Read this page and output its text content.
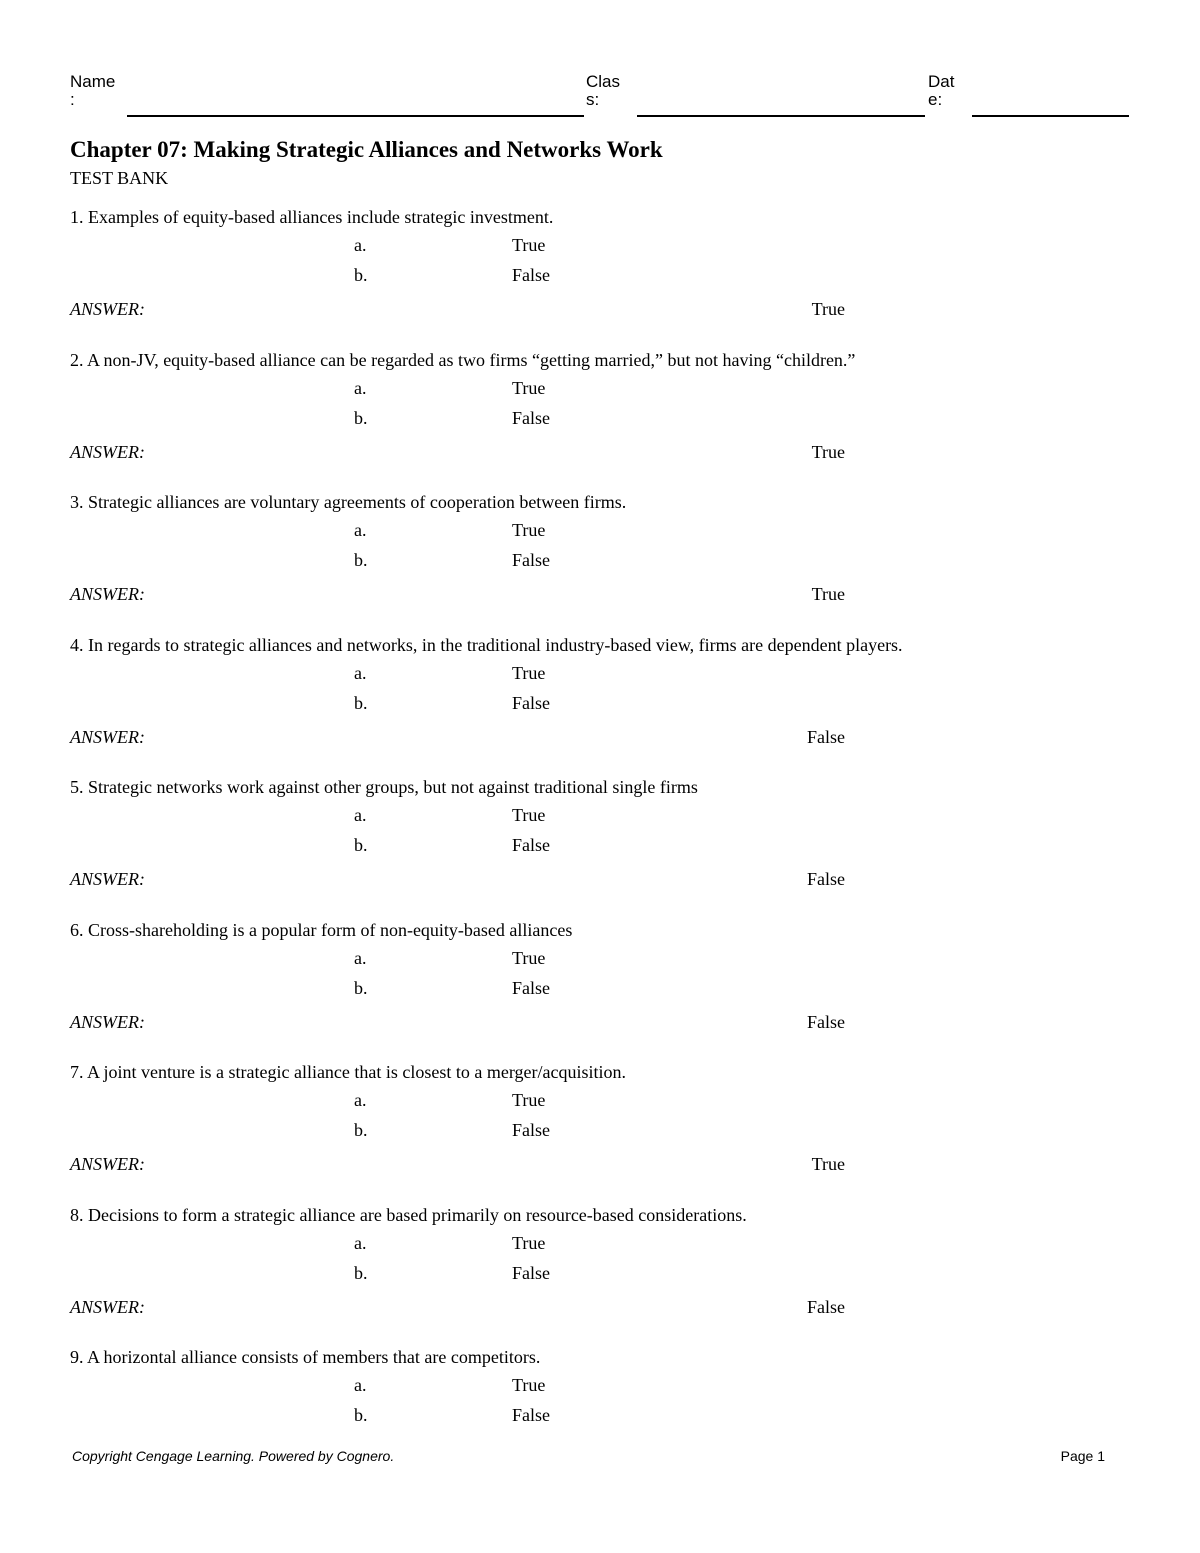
Name
:
Clas
s:
Dat
e:
Chapter 07: Making Strategic Alliances and Networks Work
TEST BANK
1. Examples of equity-based alliances include strategic investment.
a.	True
b.	False
ANSWER:	True
2. A non-JV, equity-based alliance can be regarded as two firms “getting married,” but not having “children.”
a.	True
b.	False
ANSWER:	True
3. Strategic alliances are voluntary agreements of cooperation between firms.
a.	True
b.	False
ANSWER:	True
4. In regards to strategic alliances and networks, in the traditional industry-based view, firms are dependent players.
a.	True
b.	False
ANSWER:	False
5. Strategic networks work against other groups, but not against traditional single firms
a.	True
b.	False
ANSWER:	False
6. Cross-shareholding is a popular form of non-equity-based alliances
a.	True
b.	False
ANSWER:	False
7. A joint venture is a strategic alliance that is closest to a merger/acquisition.
a.	True
b.	False
ANSWER:	True
8. Decisions to form a strategic alliance are based primarily on resource-based considerations.
a.	True
b.	False
ANSWER:	False
9. A horizontal alliance consists of members that are competitors.
a.	True
b.	False
Copyright Cengage Learning. Powered by Cognero.	Page 1
